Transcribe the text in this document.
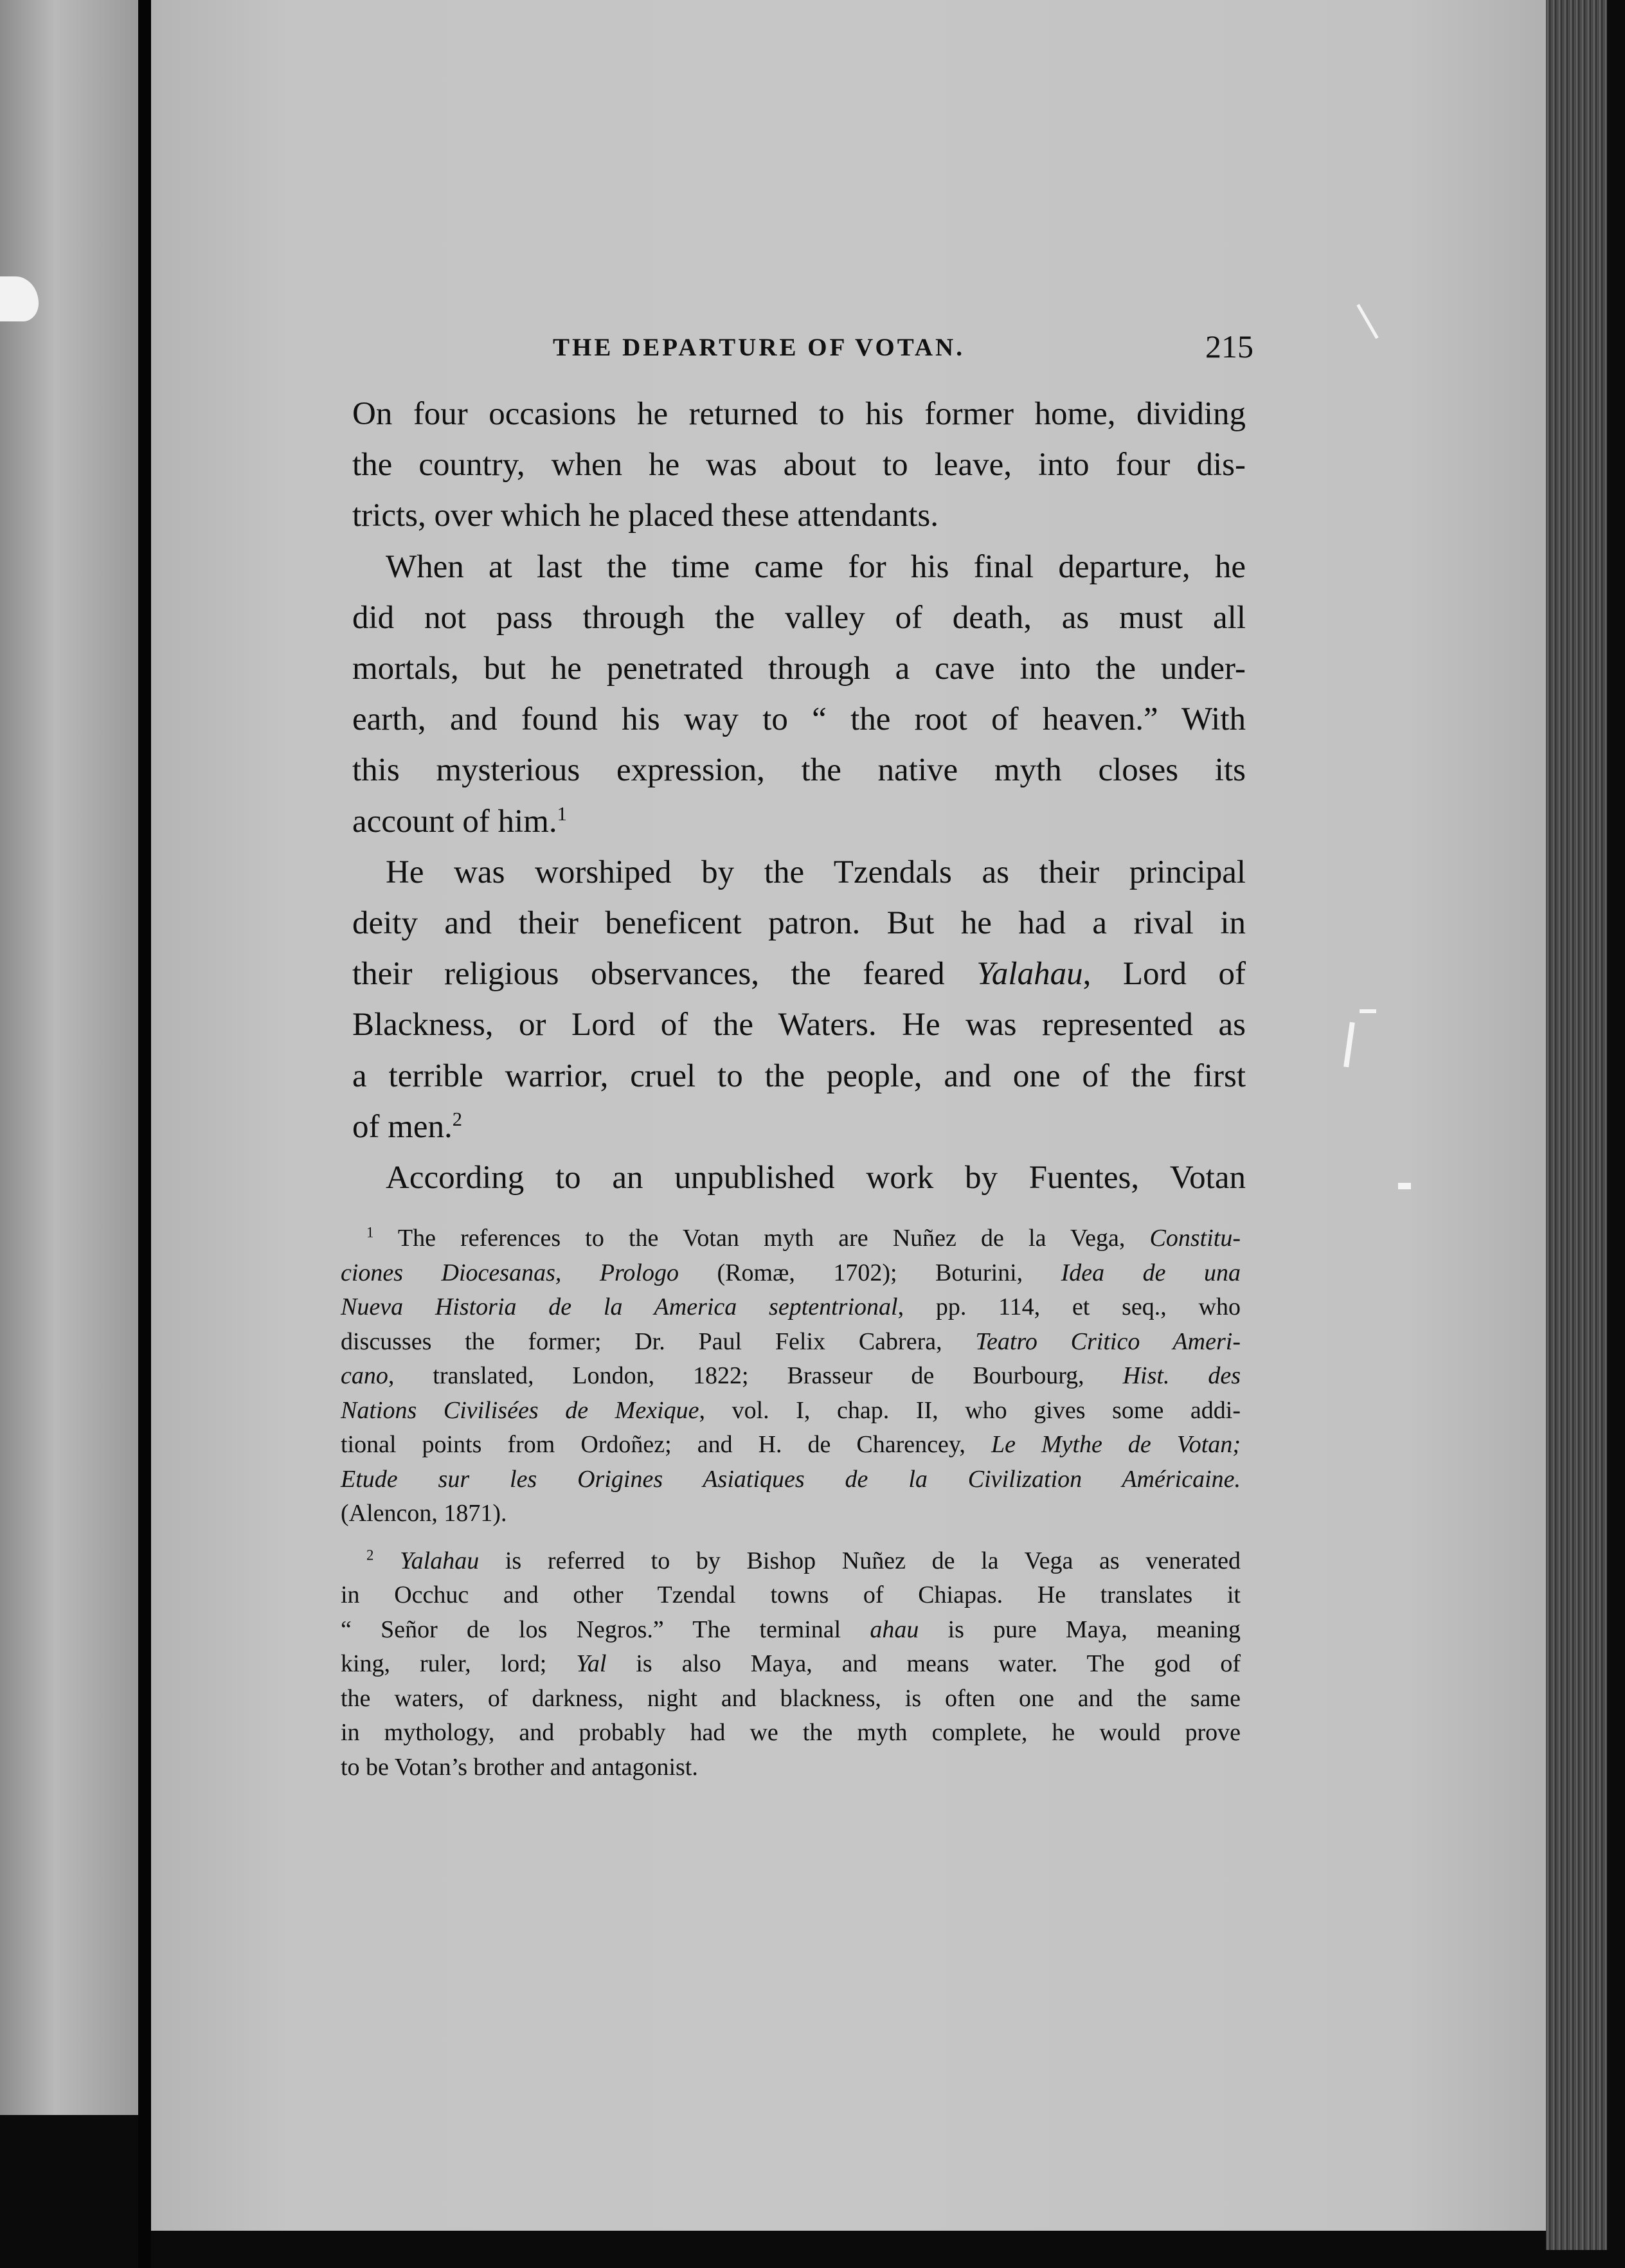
THE DEPARTURE OF VOTAN.	215

On four occasions he returned to his former home, dividing
the country, when he was about to leave, into four dis-
tricts, over which he placed these attendants.

When at last the time came for his final departure, he
did not pass through the valley of death, as must all
mortals, but he penetrated through a cave into the under-
earth, and found his way to “ the root of heaven.” With
this mysterious expression, the native myth closes its
account of him.$^1$

He was worshiped by the Tzendals as their principal
deity and their beneficent patron. But he had a rival in
their religious observances, the feared Yalahau, Lord of
Blackness, or Lord of the Waters. He was represented as
a terrible warrior, cruel to the people, and one of the first
of men.$^2$

According to an unpublished work by Fuentes, Votan

$^1$ The references to the Votan myth are Nuñez de la Vega, Constitu-
ciones Diocesanas, Prologo (Romæ, 1702); Boturini, Idea de una
Nueva Historia de la America septentrional, pp. 114, et seq., who
discusses the former; Dr. Paul Felix Cabrera, Teatro Critico Ameri-
cano, translated, London, 1822; Brasseur de Bourbourg, Hist. des
Nations Civilisées de Mexique, vol. I, chap. II, who gives some addi-
tional points from Ordoñez; and H. de Charencey, Le Mythe de Votan;
Etude sur les Origines Asiatiques de la Civilization Américaine.
(Alencon, 1871).

$^2$ Yalahau is referred to by Bishop Nuñez de la Vega as venerated
in Occhuc and other Tzendal towns of Chiapas. He translates it
“ Señor de los Negros.” The terminal ahau is pure Maya, meaning
king, ruler, lord; Yal is also Maya, and means water. The god of
the waters, of darkness, night and blackness, is often one and the same
in mythology, and probably had we the myth complete, he would prove
to be Votan’s brother and antagonist.
